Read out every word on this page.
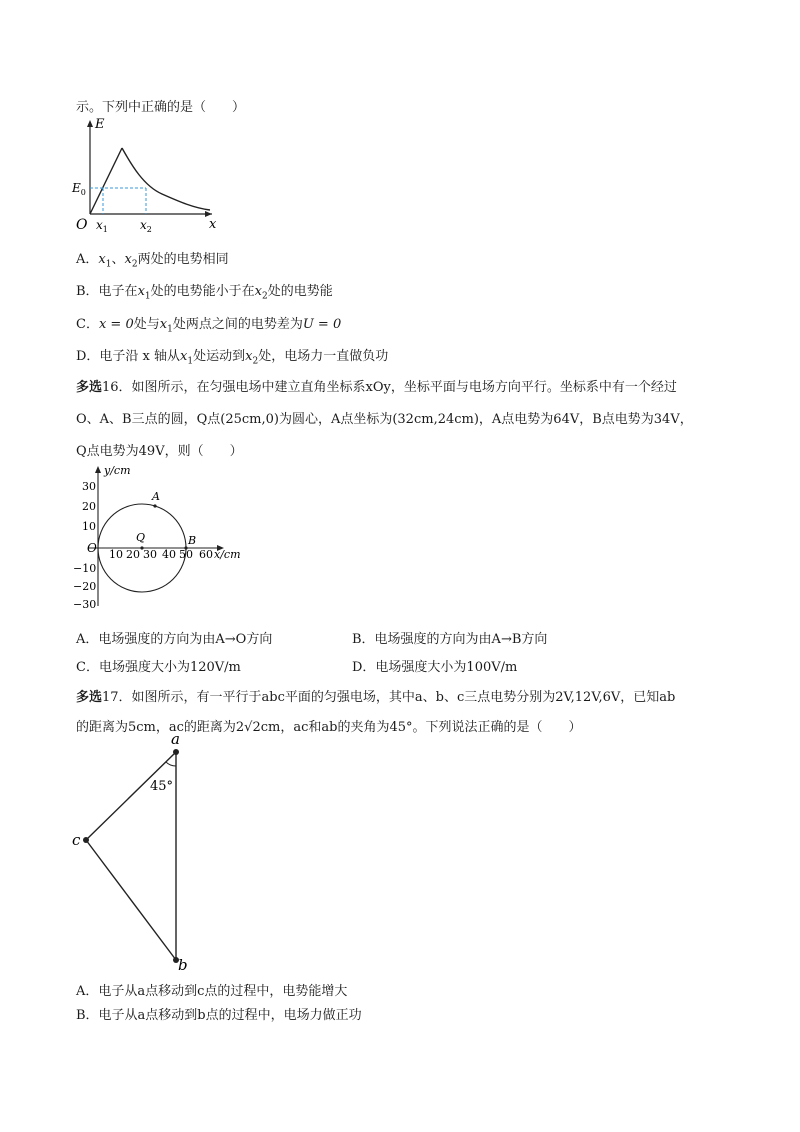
示。下列中正确的是（　　）
E
x
O
$E_0$
$x_1$	$x_2$
A．$x_1$、$x_2$两处的电势相同
B．电子在$x_1$处的电势能小于在$x_2$处的电势能
C．x = 0处与$x_1$处两点之间的电势差为U = 0
D．电子沿 x 轴从$x_1$处运动到$x_2$处，电场力一直做负功
多选16．如图所示，在匀强电场中建立直角坐标系xOy，坐标平面与电场方向平行。坐标系中有一个经过
O、A、B三点的圆，Q点(25cm,0)为圆心，A点坐标为(32cm,24cm)，A点电势为64V，B点电势为34V，
Q点电势为49V，则（　　）
10 20 30 40 50 60 x/cm
30
20
10
−10
−20
−30
y/cm
O
A
B
Q
A．电场强度的方向为由A→O方向	B．电场强度的方向为由A→B方向
C．电场强度大小为120V/m	D．电场强度大小为100V/m
多选17．如图所示，有一平行于abc平面的匀强电场，其中a、b、c三点电势分别为2V,12V,6V，已知ab
的距离为5cm，ac的距离为2√2cm，ac和ab的夹角为45°。下列说法正确的是（　　）
a
b
c
45°
A．电子从a点移动到c点的过程中，电势能增大
B．电子从a点移动到b点的过程中，电场力做正功
